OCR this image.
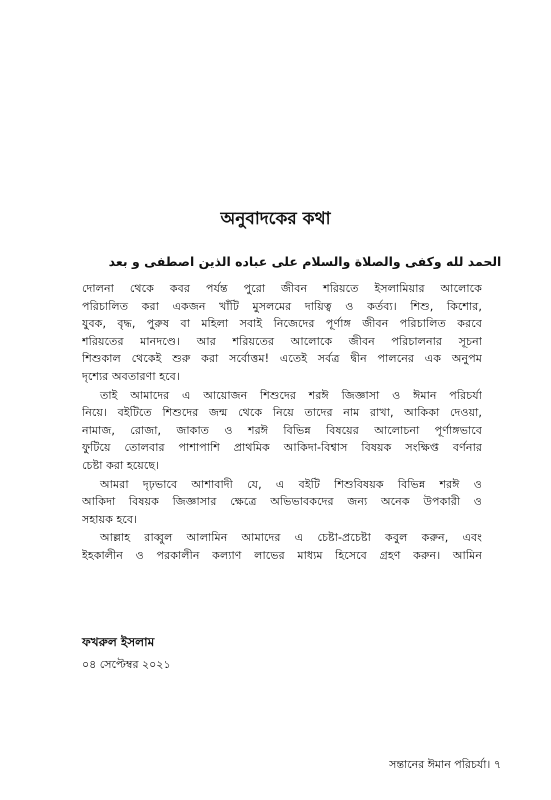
অনুবাদকের কথা
الحمد لله وكفى والصلاة والسلام على عباده الذين اصطفى و بعد
দোলনা থেকে কবর পর্যন্ত পুরো জীবন শরিয়তে ইসলামিয়ার আলোকে
পরিচালিত করা একজন খাঁটি মুসলমের দায়িত্ব ও কর্তব্য। শিশু, কিশোর,
যুবক, বৃদ্ধ, পুরুষ বা মহিলা সবাই নিজেদের পূর্ণাঙ্গ জীবন পরিচালিত করবে
শরিয়তের মানদণ্ডে। আর শরিয়তের আলোকে জীবন পরিচালনার সূচনা
শিশুকাল থেকেই শুরু করা সর্বোত্তম! এতেই সর্বত্র দ্বীন পালনের এক অনুপম
দৃশ্যের অবতারণা হবে।
তাই আমাদের এ আয়োজন শিশুদের শরঈ জিজ্ঞাসা ও ঈমান পরিচর্যা
নিয়ে। বইটিতে শিশুদের জন্ম থেকে নিয়ে তাদের নাম রাখা, আকিকা দেওয়া,
নামাজ, রোজা, জাকাত ও শরঈ বিভিন্ন বিষয়ের আলোচনা পূর্ণাঙ্গভাবে
ফুটিয়ে তোলবার পাশাপাশি প্রাথমিক আকিদা-বিশ্বাস বিষয়ক সংক্ষিপ্ত বর্ণনার
চেষ্টা করা হয়েছে।
আমরা দৃঢ়ভাবে আশাবাদী যে, এ বইটি শিশুবিষয়ক বিভিন্ন শরঈ ও
আকিদা বিষয়ক জিজ্ঞাসার ক্ষেত্রে অভিভাবকদের জন্য অনেক উপকারী ও
সহায়ক হবে।
আল্লাহ রাব্বুল আলামিন আমাদের এ চেষ্টা-প্রচেষ্টা কবুল করুন, এবং
ইহকালীন ও পরকালীন কল্যাণ লাভের মাধ্যম হিসেবে গ্রহণ করুন। আমিন
ফখরুল ইসলাম
০৪ সেপ্টেম্বর ২০২১
সন্তানের ঈমান পরিচর্যা। ৭
